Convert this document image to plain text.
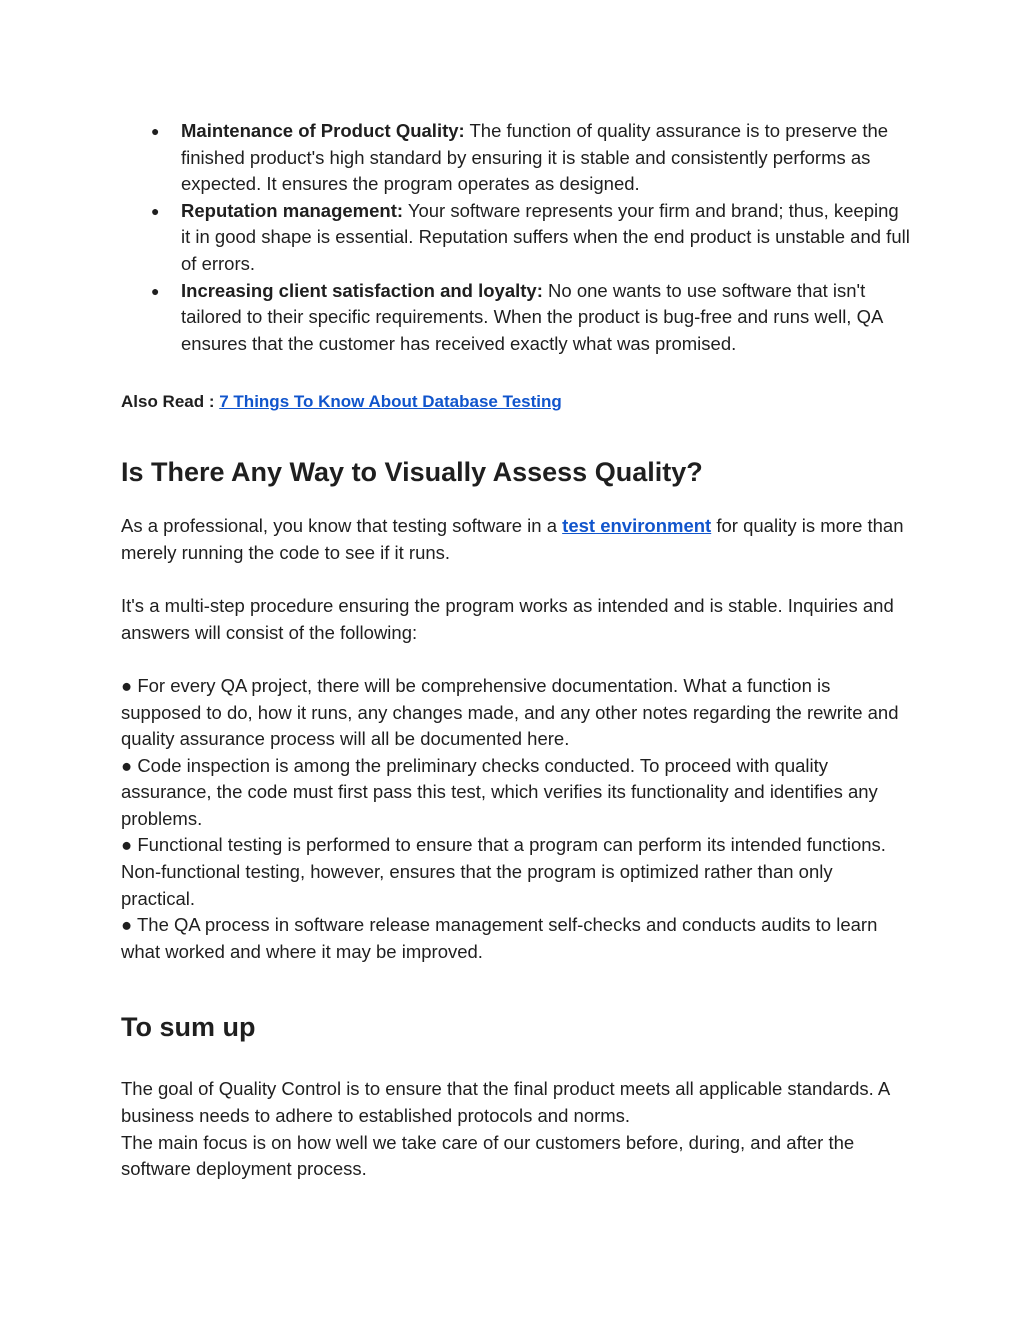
● Maintenance of Product Quality: The function of quality assurance is to preserve the finished product's high standard by ensuring it is stable and consistently performs as expected. It ensures the program operates as designed.
● Reputation management: Your software represents your firm and brand; thus, keeping it in good shape is essential. Reputation suffers when the end product is unstable and full of errors.
● Increasing client satisfaction and loyalty: No one wants to use software that isn't tailored to their specific requirements. When the product is bug-free and runs well, QA ensures that the customer has received exactly what was promised.
Also Read : 7 Things To Know About Database Testing
Is There Any Way to Visually Assess Quality?

As a professional, you know that testing software in a test environment for quality is more than merely running the code to see if it runs.

It's a multi-step procedure ensuring the program works as intended and is stable. Inquiries and answers will consist of the following:

● For every QA project, there will be comprehensive documentation. What a function is supposed to do, how it runs, any changes made, and any other notes regarding the rewrite and quality assurance process will all be documented here.

● Code inspection is among the preliminary checks conducted. To proceed with quality assurance, the code must first pass this test, which verifies its functionality and identifies any problems.

● Functional testing is performed to ensure that a program can perform its intended functions. Non-functional testing, however, ensures that the program is optimized rather than only practical.

● The QA process in software release management self-checks and conducts audits to learn what worked and where it may be improved.

To sum up

The goal of Quality Control is to ensure that the final product meets all applicable standards. A business needs to adhere to established protocols and norms.

The main focus is on how well we take care of our customers before, during, and after the software deployment process.
